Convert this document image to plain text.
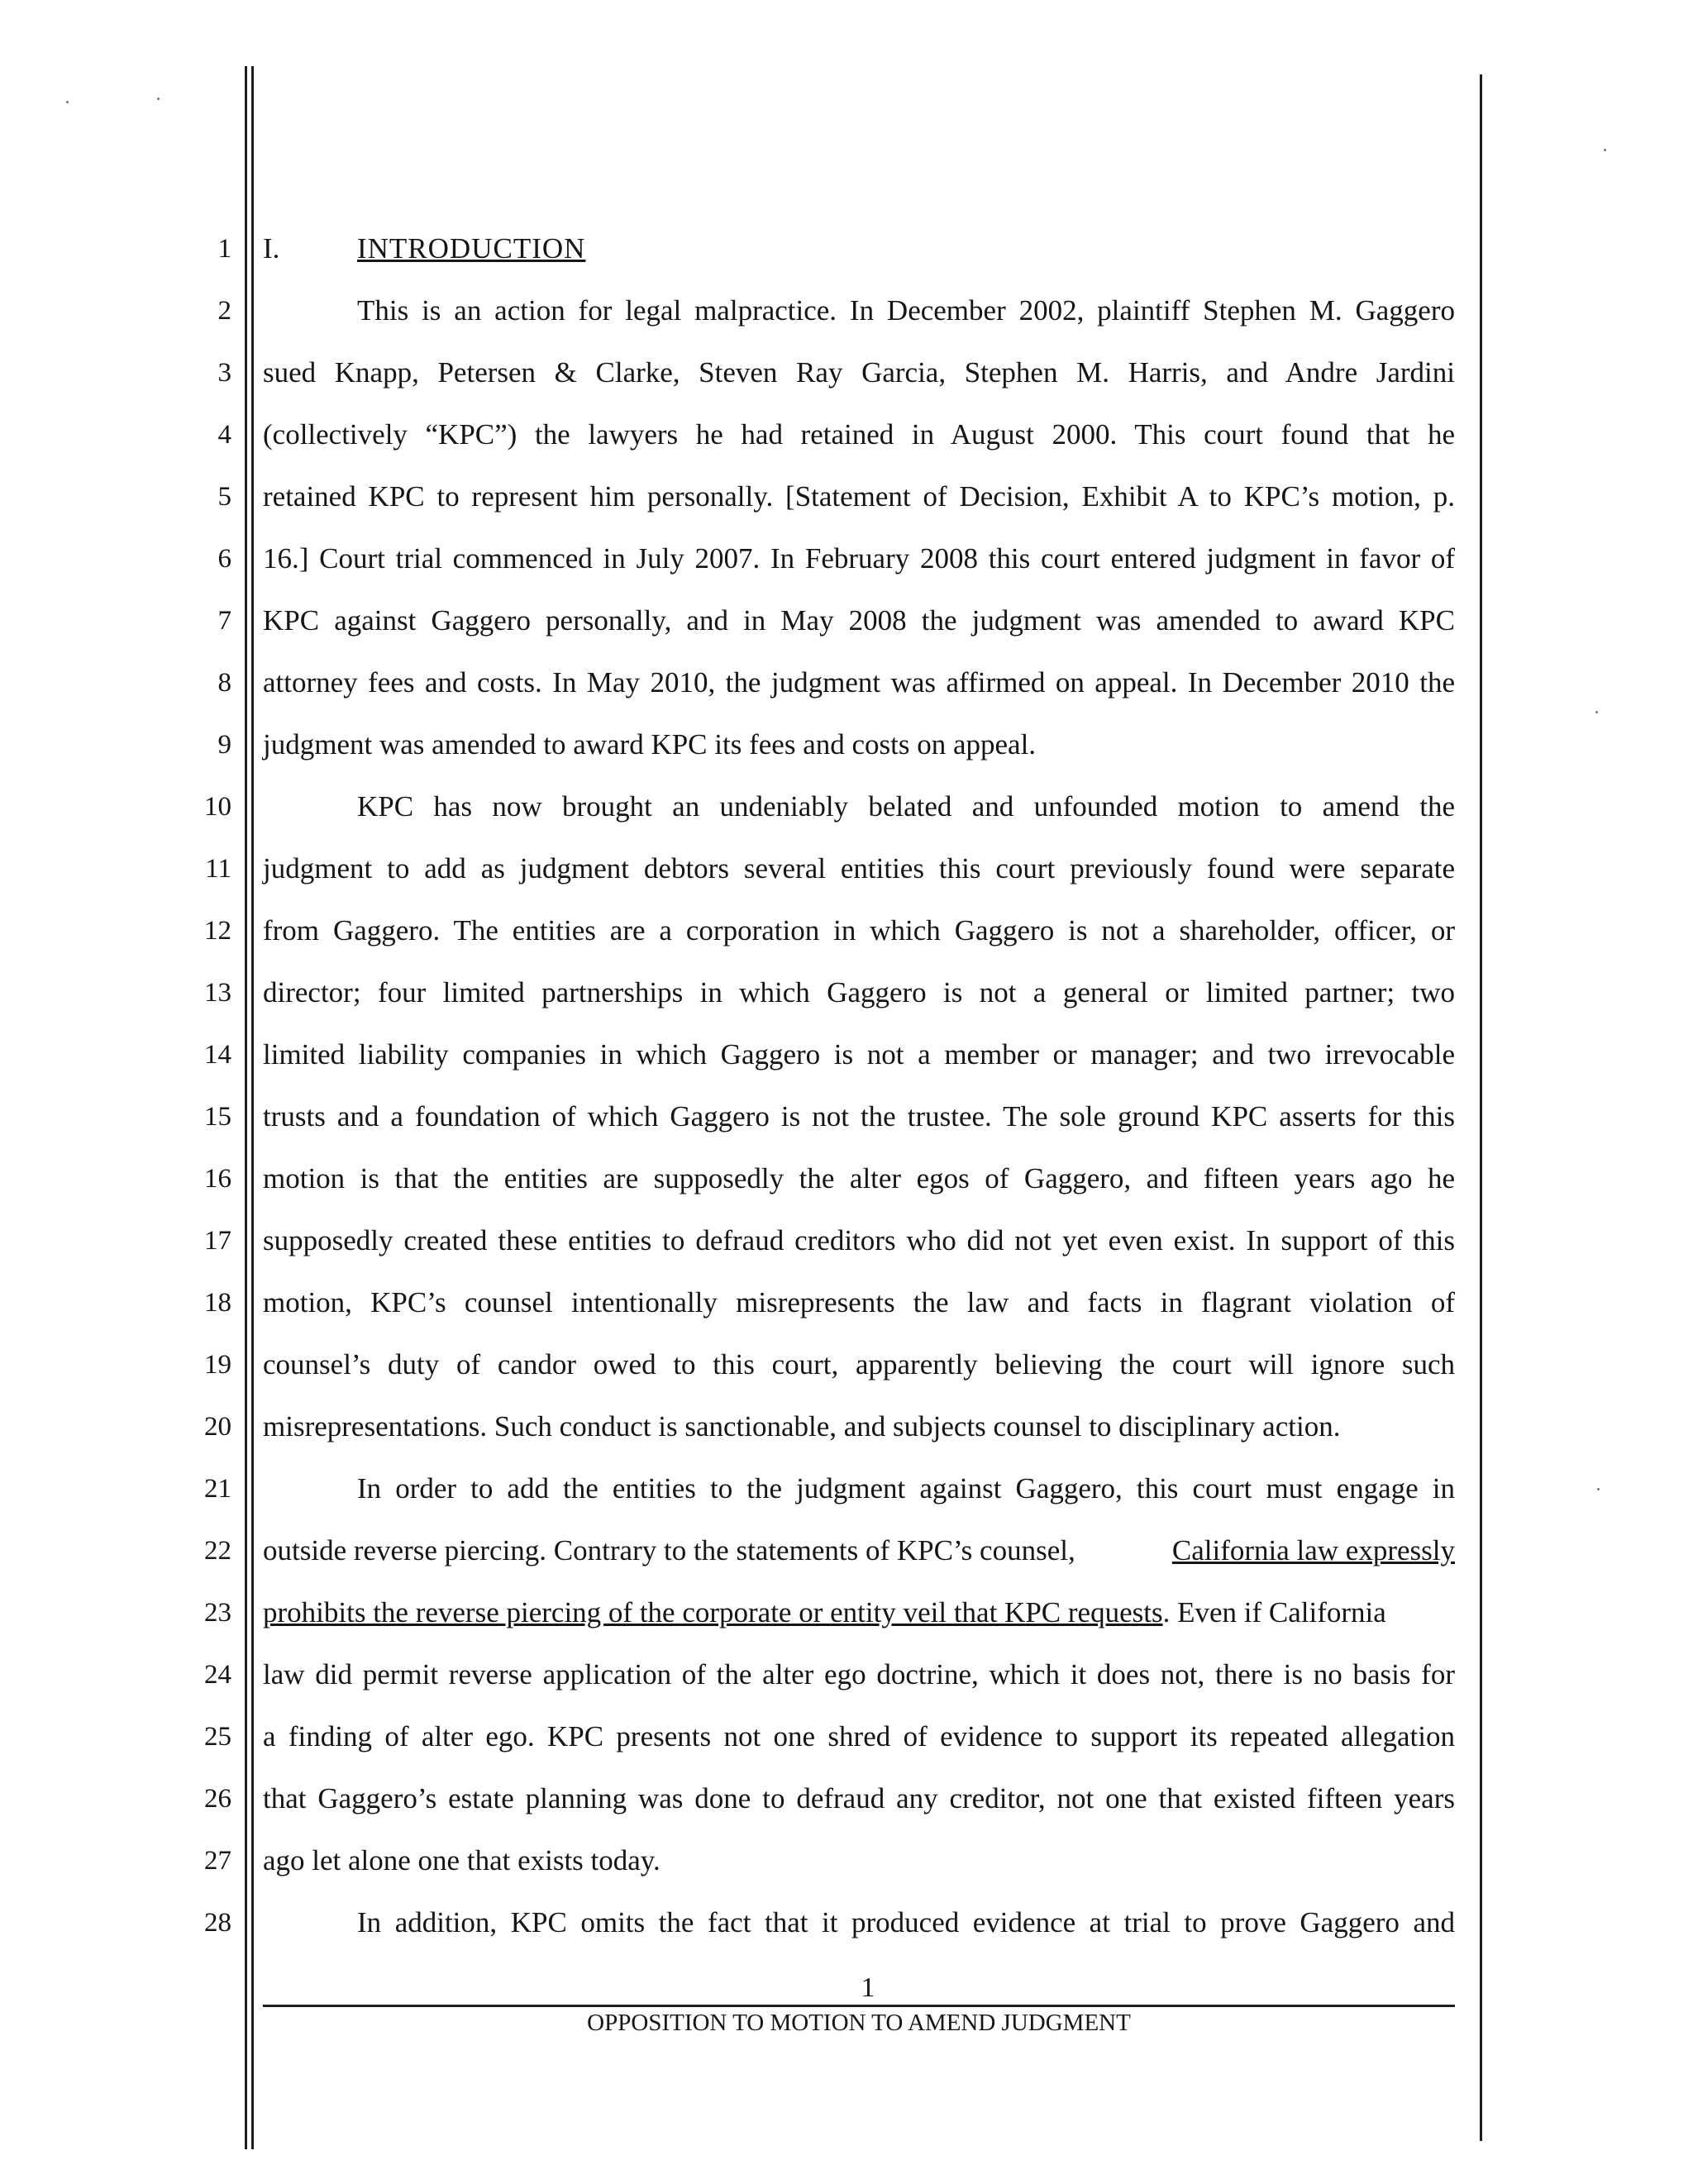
1
2
3
4
5
6
7
8
9
10
11
12
13
14
15
16
17
18
19
20
21
22
23
24
25
26
27
28
I.	INTRODUCTION
This is an action for legal malpractice. In December 2002, plaintiff Stephen M. Gaggero
sued Knapp, Petersen & Clarke, Steven Ray Garcia, Stephen M. Harris, and Andre Jardini
(collectively “KPC”) the lawyers he had retained in August 2000. This court found that he
retained KPC to represent him personally. [Statement of Decision, Exhibit A to KPC’s motion, p.
16.] Court trial commenced in July 2007. In February 2008 this court entered judgment in favor of
KPC against Gaggero personally, and in May 2008 the judgment was amended to award KPC
attorney fees and costs. In May 2010, the judgment was affirmed on appeal. In December 2010 the
judgment was amended to award KPC its fees and costs on appeal.
KPC has now brought an undeniably belated and unfounded motion to amend the
judgment to add as judgment debtors several entities this court previously found were separate
from Gaggero. The entities are a corporation in which Gaggero is not a shareholder, officer, or
director; four limited partnerships in which Gaggero is not a general or limited partner; two
limited liability companies in which Gaggero is not a member or manager; and two irrevocable
trusts and a foundation of which Gaggero is not the trustee. The sole ground KPC asserts for this
motion is that the entities are supposedly the alter egos of Gaggero, and fifteen years ago he
supposedly created these entities to defraud creditors who did not yet even exist. In support of this
motion, KPC’s counsel intentionally misrepresents the law and facts in flagrant violation of
counsel’s duty of candor owed to this court, apparently believing the court will ignore such
misrepresentations. Such conduct is sanctionable, and subjects counsel to disciplinary action.
In order to add the entities to the judgment against Gaggero, this court must engage in
outside reverse piercing. Contrary to the statements of KPC’s counsel,	California law expressly
prohibits the reverse piercing of the corporate or entity veil that KPC requests. Even if California
law did permit reverse application of the alter ego doctrine, which it does not, there is no basis for
a finding of alter ego. KPC presents not one shred of evidence to support its repeated allegation
that Gaggero’s estate planning was done to defraud any creditor, not one that existed fifteen years
ago let alone one that exists today.
In addition, KPC omits the fact that it produced evidence at trial to prove Gaggero and
1
OPPOSITION TO MOTION TO AMEND JUDGMENT
